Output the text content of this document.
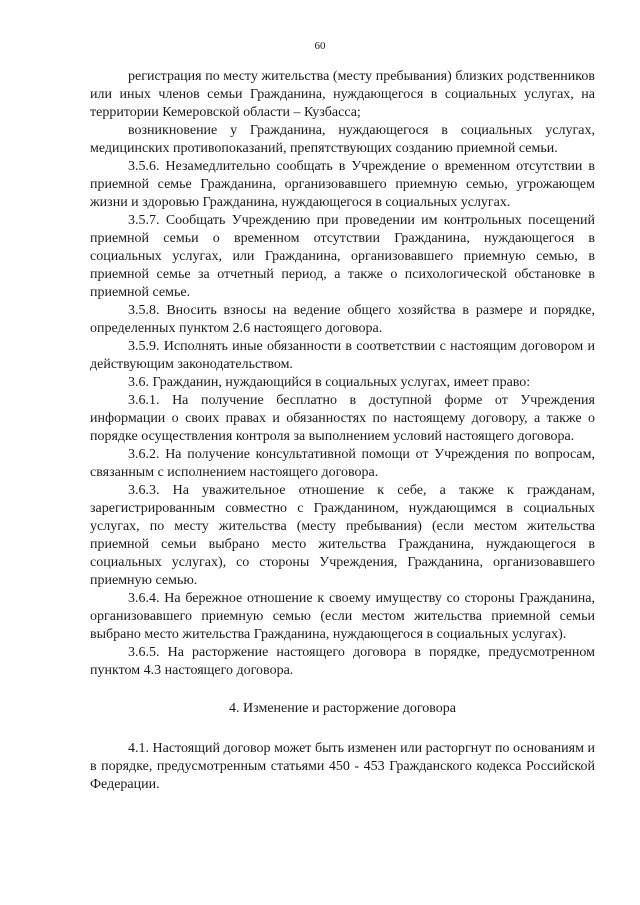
60

регистрация по месту жительства (месту пребывания) близких родственников или иных членов семьи Гражданина, нуждающегося в социальных услугах, на территории Кемеровской области – Кузбасса;

возникновение у Гражданина, нуждающегося в социальных услугах, медицинских противопоказаний, препятствующих созданию приемной семьи.

3.5.6. Незамедлительно сообщать в Учреждение о временном отсутствии в приемной семье Гражданина, организовавшего приемную семью, угрожающем жизни и здоровью Гражданина, нуждающегося в социальных услугах.

3.5.7. Сообщать Учреждению при проведении им контрольных посещений приемной семьи о временном отсутствии Гражданина, нуждающегося в социальных услугах, или Гражданина, организовавшего приемную семью, в приемной семье за отчетный период, а также о психологической обстановке в приемной семье.

3.5.8. Вносить взносы на ведение общего хозяйства в размере и порядке, определенных пунктом 2.6 настоящего договора.

3.5.9. Исполнять иные обязанности в соответствии с настоящим договором и действующим законодательством.

3.6. Гражданин, нуждающийся в социальных услугах, имеет право:

3.6.1. На получение бесплатно в доступной форме от Учреждения информации о своих правах и обязанностях по настоящему договору, а также о порядке осуществления контроля за выполнением условий настоящего договора.

3.6.2. На получение консультативной помощи от Учреждения по вопросам, связанным с исполнением настоящего договора.

3.6.3. На уважительное отношение к себе, а также к гражданам, зарегистрированным совместно с Гражданином, нуждающимся в социальных услугах, по месту жительства (месту пребывания) (если местом жительства приемной семьи выбрано место жительства Гражданина, нуждающегося в социальных услугах), со стороны Учреждения, Гражданина, организовавшего приемную семью.

3.6.4. На бережное отношение к своему имуществу со стороны Гражданина, организовавшего приемную семью (если местом жительства приемной семьи выбрано место жительства Гражданина, нуждающегося в социальных услугах).

3.6.5. На расторжение настоящего договора в порядке, предусмотренном пунктом 4.3 настоящего договора.

4. Изменение и расторжение договора

4.1. Настоящий договор может быть изменен или расторгнут по основаниям и в порядке, предусмотренным статьями 450 - 453 Гражданского кодекса Российской Федерации.
